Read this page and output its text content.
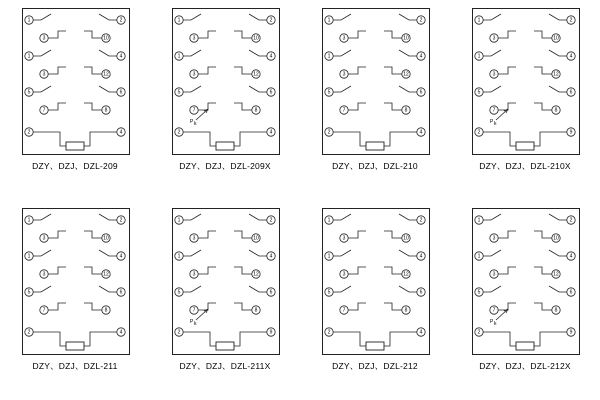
1	2
3	10
1	4
3	12
5	6
7	8
2	4
DZY、DZJ、DZL-209
P k
1	2
3	10
1	4
3	12
5	6
7	8
2	4
DZY、DZJ、DZL-209X
1	2
3	10
1	4
3	12
5	6
7	8
2	4
DZY、DZJ、DZL-210
P k
1	2
3	10
1	4
3	12
5	6
7	8
2	9
DZY、DZJ、DZL-210X
1	2
3	10
1	4
3	12
5	6
7	8
2	4
DZY、DZJ、DZL-211
P k
1	2
3	10
1	4
3	12
5	6
7	8
2	9
DZY、DZJ、DZL-211X
1	2
3	10
1	4
3	12
5	6
7	8
2	4
DZY、DZJ、DZL-212
P k
1	2
3	10
1	4
3	12
5	6
7	8
2	9
DZY、DZJ、DZL-212X
